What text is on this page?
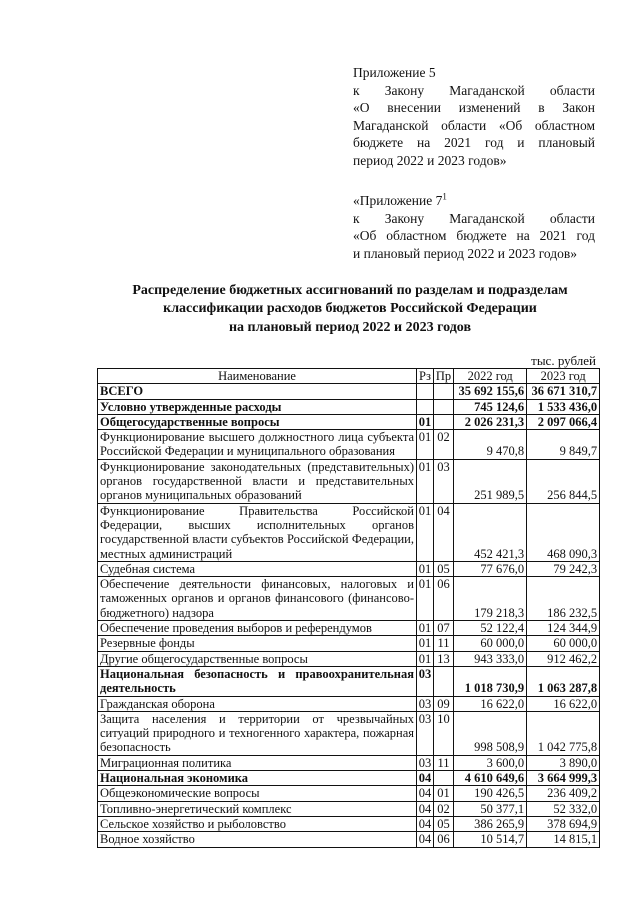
Приложение 5
к Закону Магаданской области
«О внесении изменений в Закон
Магаданской области «Об областном
бюджете на 2021 год и плановый
период 2022 и 2023 годов»
«Приложение $7^1$
к Закону Магаданской области
«Об областном бюджете на 2021 год
и плановый период 2022 и 2023 годов»
Распределение бюджетных ассигнований по разделам и подразделам
классификации расходов бюджетов Российской Федерации
на плановый период 2022 и 2023 годов
тыс. рублей
Наименование	Рз	Пр	2022 год	2023 год
ВСЕГО			35 692 155,6	36 671 310,7
Условно утвержденные расходы			745 124,6	1 533 436,0
Общегосударственные вопросы	01		2 026 231,3	2 097 066,4
Функционирование высшего должностного лица субъекта Российской Федерации и муниципального образования	01	02	9 470,8	9 849,7
Функционирование законодательных (представительных) органов государственной власти и представительных органов муниципальных образований	01	03	251 989,5	256 844,5
Функционирование Правительства Российской Федерации, высших исполнительных органов государственной власти субъектов Российской Федерации, местных администраций	01	04	452 421,3	468 090,3
Судебная система	01	05	77 676,0	79 242,3
Обеспечение деятельности финансовых, налоговых и таможенных органов и органов финансового (финансово-бюджетного) надзора	01	06	179 218,3	186 232,5
Обеспечение проведения выборов и референдумов	01	07	52 122,4	124 344,9
Резервные фонды	01	11	60 000,0	60 000,0
Другие общегосударственные вопросы	01	13	943 333,0	912 462,2
Национальная безопасность и правоохранительная деятельность	03		1 018 730,9	1 063 287,8
Гражданская оборона	03	09	16 622,0	16 622,0
Защита населения и территории от чрезвычайных ситуаций природного и техногенного характера, пожарная безопасность	03	10	998 508,9	1 042 775,8
Миграционная политика	03	11	3 600,0	3 890,0
Национальная экономика	04		4 610 649,6	3 664 999,3
Общеэкономические вопросы	04	01	190 426,5	236 409,2
Топливно-энергетический комплекс	04	02	50 377,1	52 332,0
Сельское хозяйство и рыболовство	04	05	386 265,9	378 694,9
Водное хозяйство	04	06	10 514,7	14 815,1
